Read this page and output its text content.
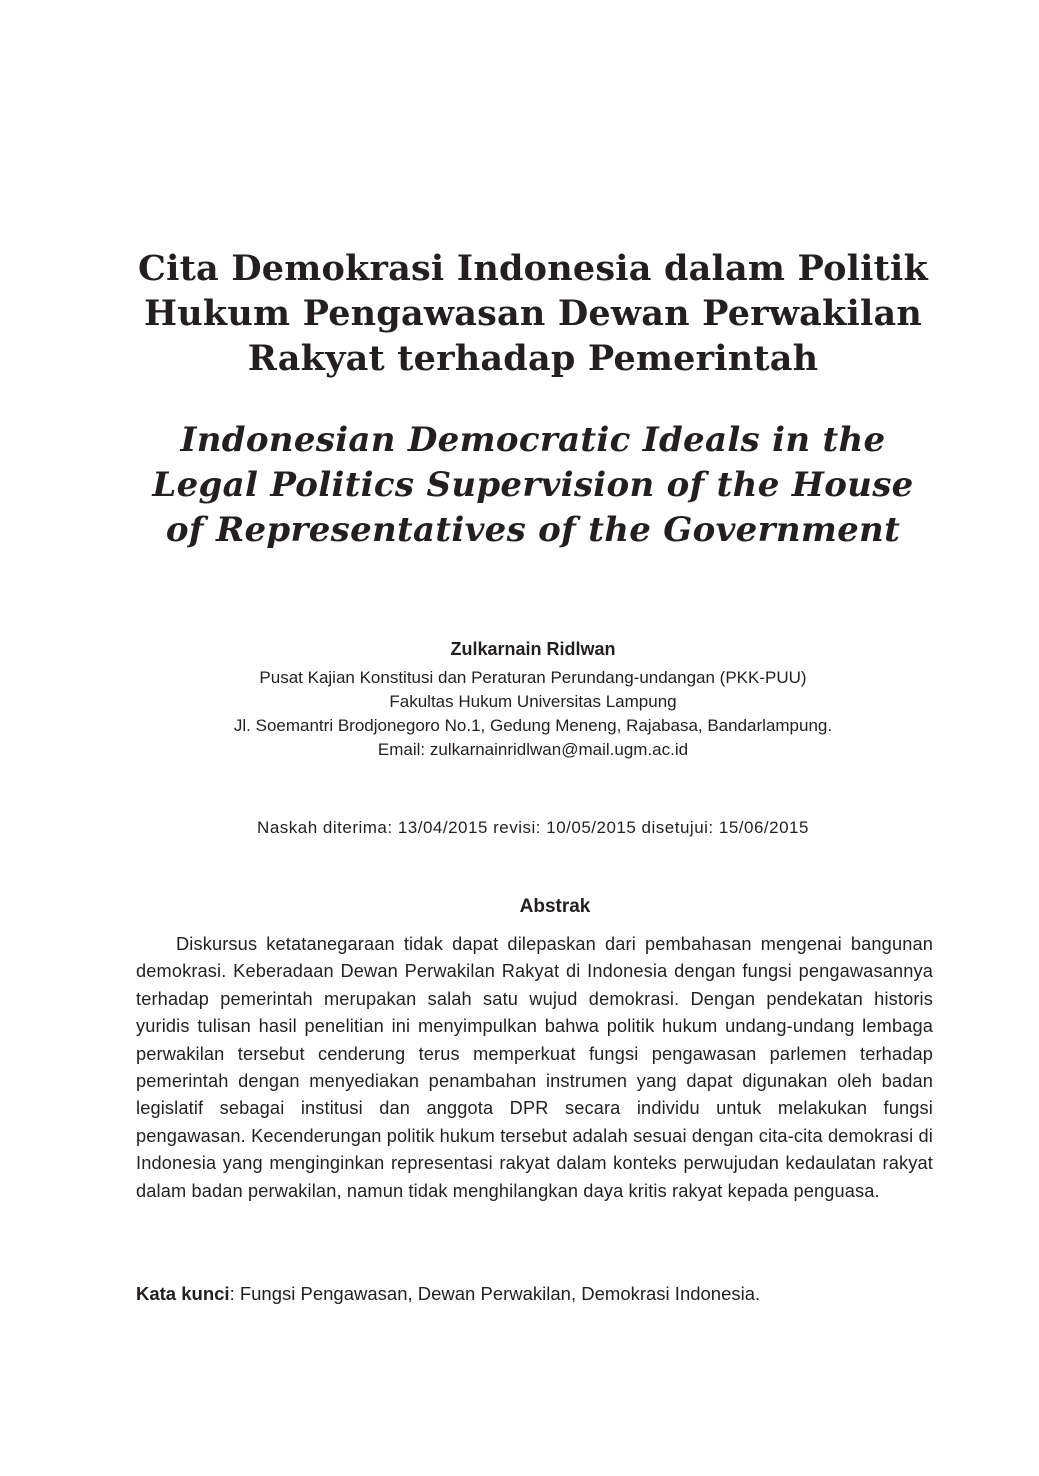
Cita Demokrasi Indonesia dalam Politik
Hukum Pengawasan Dewan Perwakilan
Rakyat terhadap Pemerintah
Indonesian Democratic Ideals in the
Legal Politics Supervision of the House
of Representatives of the Government

Zulkarnain Ridlwan

Pusat Kajian Konstitusi dan Peraturan Perundang-undangan (PKK-PUU)

Fakultas Hukum Universitas Lampung

Jl. Soemantri Brodjonegoro No.1, Gedung Meneng, Rajabasa, Bandarlampung.

Email: zulkarnainridlwan@mail.ugm.ac.id

Naskah diterima: 13/04/2015 revisi: 10/05/2015 disetujui: 15/06/2015

Abstrak

Diskursus ketatanegaraan tidak dapat dilepaskan dari pembahasan mengenai bangunan demokrasi. Keberadaan Dewan Perwakilan Rakyat di Indonesia dengan fungsi pengawasannya terhadap pemerintah merupakan salah satu wujud demokrasi. Dengan pendekatan historis yuridis tulisan hasil penelitian ini menyimpulkan bahwa politik hukum undang-undang lembaga perwakilan tersebut cenderung terus memperkuat fungsi pengawasan parlemen terhadap pemerintah dengan menyediakan penambahan instrumen yang dapat digunakan oleh badan legislatif sebagai institusi dan anggota DPR secara individu untuk melakukan fungsi pengawasan. Kecenderungan politik hukum tersebut adalah sesuai dengan cita-cita demokrasi di Indonesia yang menginginkan representasi rakyat dalam konteks perwujudan kedaulatan rakyat dalam badan perwakilan, namun tidak menghilangkan daya kritis rakyat kepada penguasa.

Kata kunci: Fungsi Pengawasan, Dewan Perwakilan, Demokrasi Indonesia.
